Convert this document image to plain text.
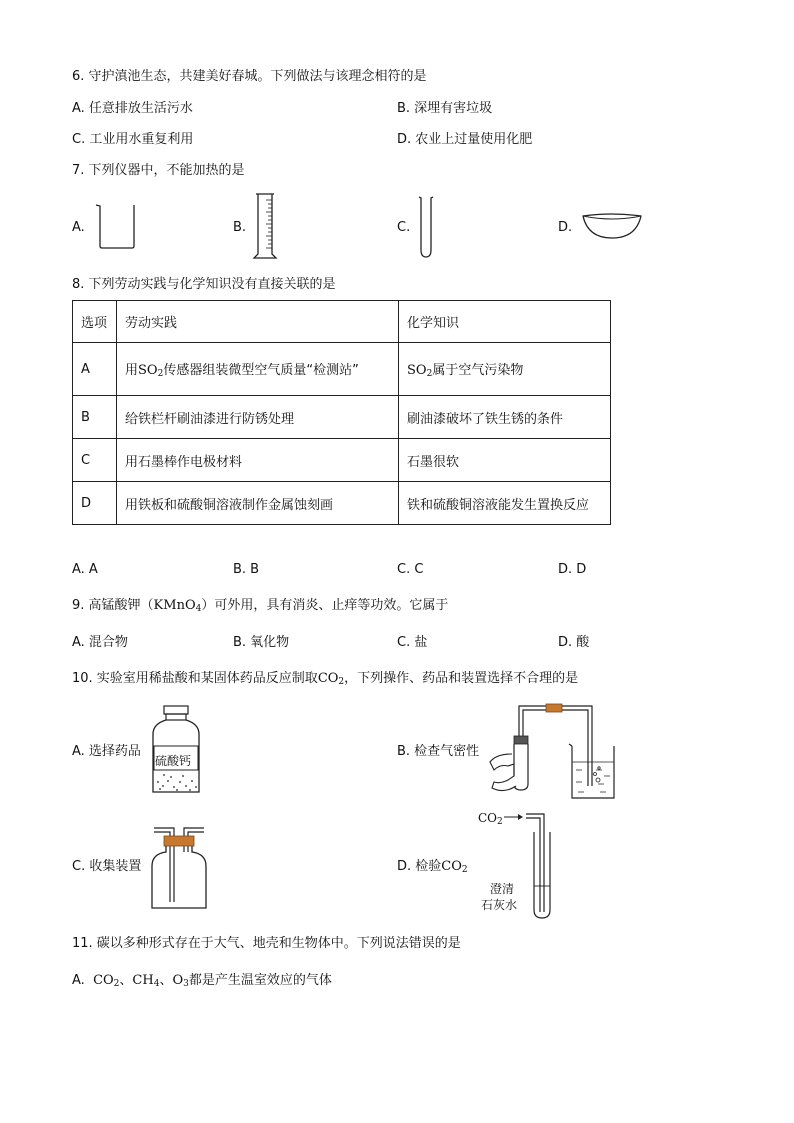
6. 守护滇池生态，共建美好春城。下列做法与该理念相符的是
A. 任意排放生活污水	B. 深埋有害垃圾
C. 工业用水重复利用	D. 农业上过量使用化肥
7. 下列仪器中，不能加热的是
A.	B.	C.	D.
8. 下列劳动实践与化学知识没有直接关联的是
选项	劳动实践	化学知识
A	用$SO_2$传感器组装微型空气质量“检测站”	$SO_2$属于空气污染物
B	给铁栏杆刷油漆进行防锈处理	刷油漆破坏了铁生锈的条件
C	用石墨棒作电极材料	石墨很软
D	用铁板和硫酸铜溶液制作金属蚀刻画	铁和硫酸铜溶液能发生置换反应
A. A	B. B	C. C	D. D
9. 高锰酸钾（KMnO$_4$）可外用，具有消炎、止痒等功效。它属于
A. 混合物	B. 氧化物	C. 盐	D. 酸
10. 实验室用稀盐酸和某固体药品反应制取$CO_2$，下列操作、药品和装置选择不合理的是
A. 选择药品
硫酸钙
B. 检查气密性
C. 收集装置	D. 检验$CO_2$
$CO_2$
澄清
石灰水
11. 碳以多种形式存在于大气、地壳和生物体中。下列说法错误的是
A. $CO_2$、$CH_4$、$O_3$都是产生温室效应的气体
